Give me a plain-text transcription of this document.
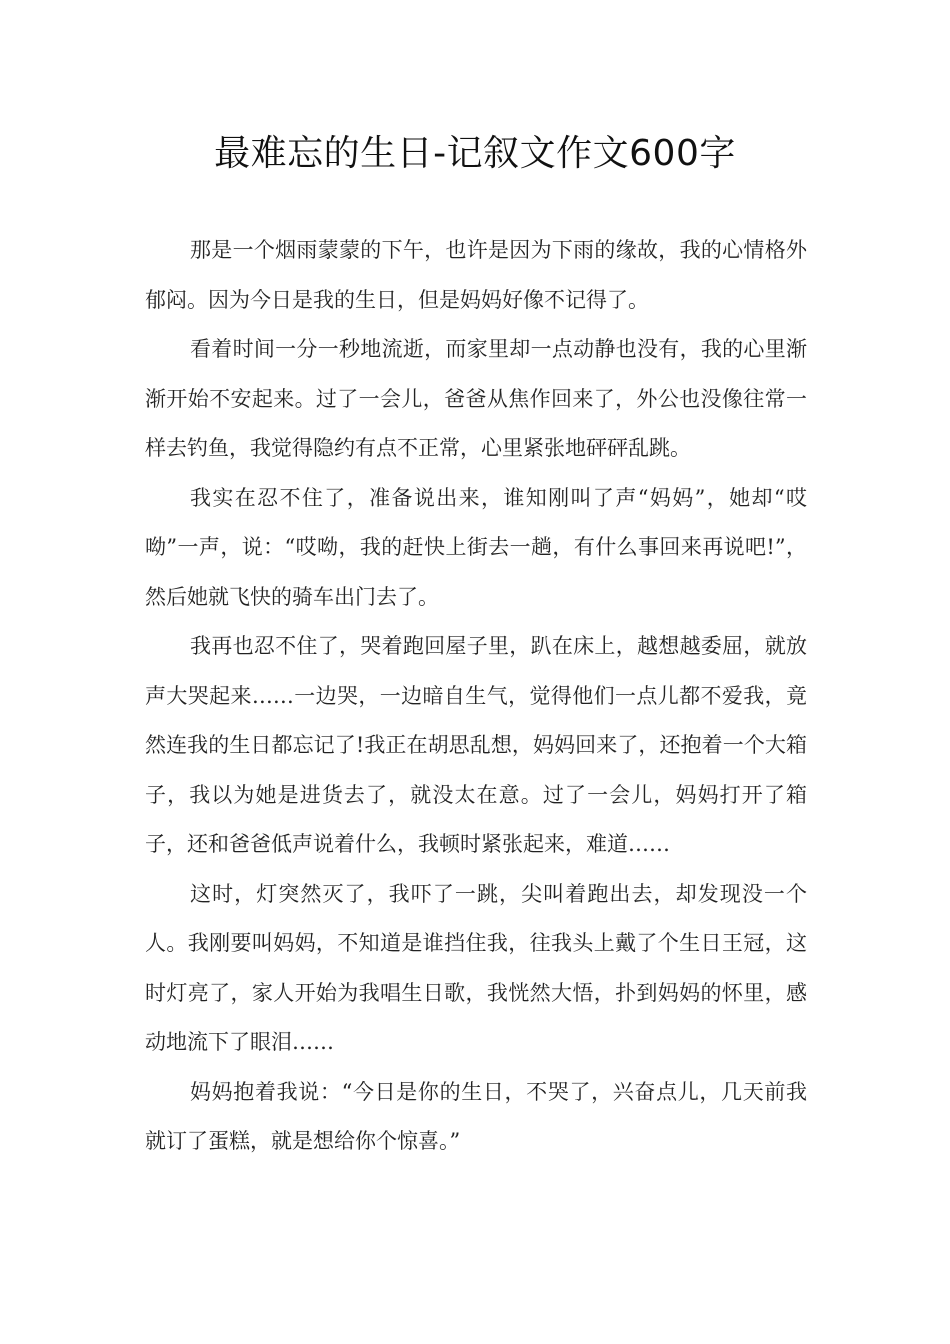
最难忘的生日-记叙文作文600字

那是一个烟雨蒙蒙的下午，也许是因为下雨的缘故，我的心情格外郁闷。因为今日是我的生日，但是妈妈好像不记得了。

看着时间一分一秒地流逝，而家里却一点动静也没有，我的心里渐渐开始不安起来。过了一会儿，爸爸从焦作回来了，外公也没像往常一样去钓鱼，我觉得隐约有点不正常，心里紧张地砰砰乱跳。

我实在忍不住了，准备说出来，谁知刚叫了声“妈妈”，她却“哎呦”一声，说：“哎呦，我的赶快上街去一趟，有什么事回来再说吧!”，然后她就飞快的骑车出门去了。

我再也忍不住了，哭着跑回屋子里，趴在床上，越想越委屈，就放声大哭起来……一边哭，一边暗自生气，觉得他们一点儿都不爱我，竟然连我的生日都忘记了!我正在胡思乱想，妈妈回来了，还抱着一个大箱子，我以为她是进货去了，就没太在意。过了一会儿，妈妈打开了箱子，还和爸爸低声说着什么，我顿时紧张起来，难道……

这时，灯突然灭了，我吓了一跳，尖叫着跑出去，却发现没一个人。我刚要叫妈妈，不知道是谁挡住我，往我头上戴了个生日王冠，这时灯亮了，家人开始为我唱生日歌，我恍然大悟，扑到妈妈的怀里，感动地流下了眼泪……

妈妈抱着我说：“今日是你的生日，不哭了，兴奋点儿，几天前我就订了蛋糕，就是想给你个惊喜。”
